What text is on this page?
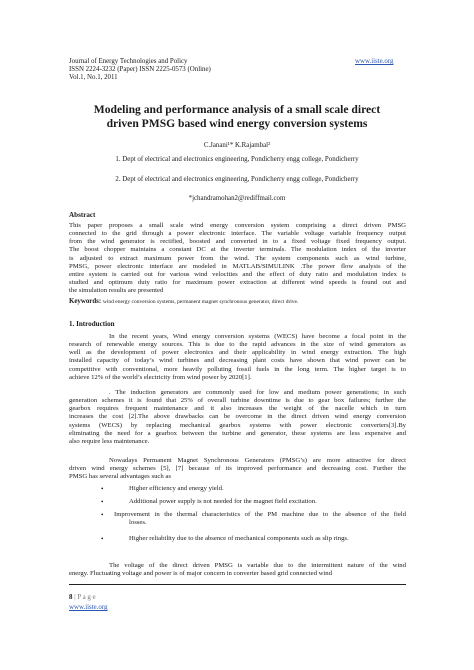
Journal of Energy Technologies and Policy
ISSN 2224-3232 (Paper) ISSN 2225-0573 (Online)
Vol.1, No.1, 2011
www.iiste.org
Modeling and performance analysis of a small scale direct
driven PMSG based wind energy conversion systems
C.Janani¹* K.Rajambal²
1. Dept of electrical and electronics engineering, Pondicherry engg college, Pondicherry
2. Dept of electrical and electronics engineering, Pondicherry engg college, Pondicherry
*jchandramohan2@rediffmail.com
Abstract
This paper proposes a small scale wind energy conversion system comprising a direct driven PMSG
connected to the grid through a power electronic interface. The variable voltage variable frequency output
from the wind generator is rectified, boosted and converted in to a fixed voltage fixed frequency output.
The boost chopper maintains a constant DC at the inverter terminals. The modulation index of the inverter
is adjusted to extract maximum power from the wind. The system components such as wind turbine,
PMSG, power electronic interface are modeled in MATLAB/SIMULINK .The power flow analysis of the
entire system is carried out for various wind velocities and the effect of duty ratio and modulation index is
studied and optimum duty ratio for maximum power extraction at different wind speeds is found out and
the simulation results are presented
Keywords: wind energy conversion systems, permanent magnet synchronous generator, direct drive.
1. Introduction
In the recent years, Wind energy conversion systems (WECS) have become a focal point in the
research of renewable energy sources. This is due to the rapid advances in the size of wind generators as
well as the development of power electronics and their applicability in wind energy extraction. The high
installed capacity of today’s wind turbines and decreasing plant costs have shown that wind power can be
competitive with conventional, more heavily polluting fossil fuels in the long term. The higher target is to
achieve 12% of the world’s electricity from wind power by 2020[1].
. The induction generators are commonly used for low and medium power generations; in such
generation schemes it is found that 25% of overall turbine downtime is due to gear box failures; further the
gearbox requires frequent maintenance and it also increases the weight of the nacelle which in turn
increases the cost [2].The above drawbacks can be overcome in the direct driven wind energy conversion
systems (WECS) by replacing mechanical gearbox systems with power electronic converters[3].By
eliminating the need for a gearbox between the turbine and generator, these systems are less expensive and
also require less maintenance.
Nowadays Permanent Magnet Synchronous Generators (PMSG’s) are more attractive for direct
driven wind energy schemes [5], [7] because of its improved performance and decreasing cost. Further the
PMSG has several advantages such as
•	Higher efficiency and energy yield.
•	Additional power supply is not needed for the magnet field excitation.
• Improvement in the thermal characteristics of the PM machine due to the absence of the field
losses.
•	Higher reliability due to the absence of mechanical components such as slip rings.
The voltage of the direct driven PMSG is variable due to the intermittent nature of the wind
energy. Fluctuating voltage and power is of major concern in converter based grid connected wind
8 | P a g e
www.iiste.org
